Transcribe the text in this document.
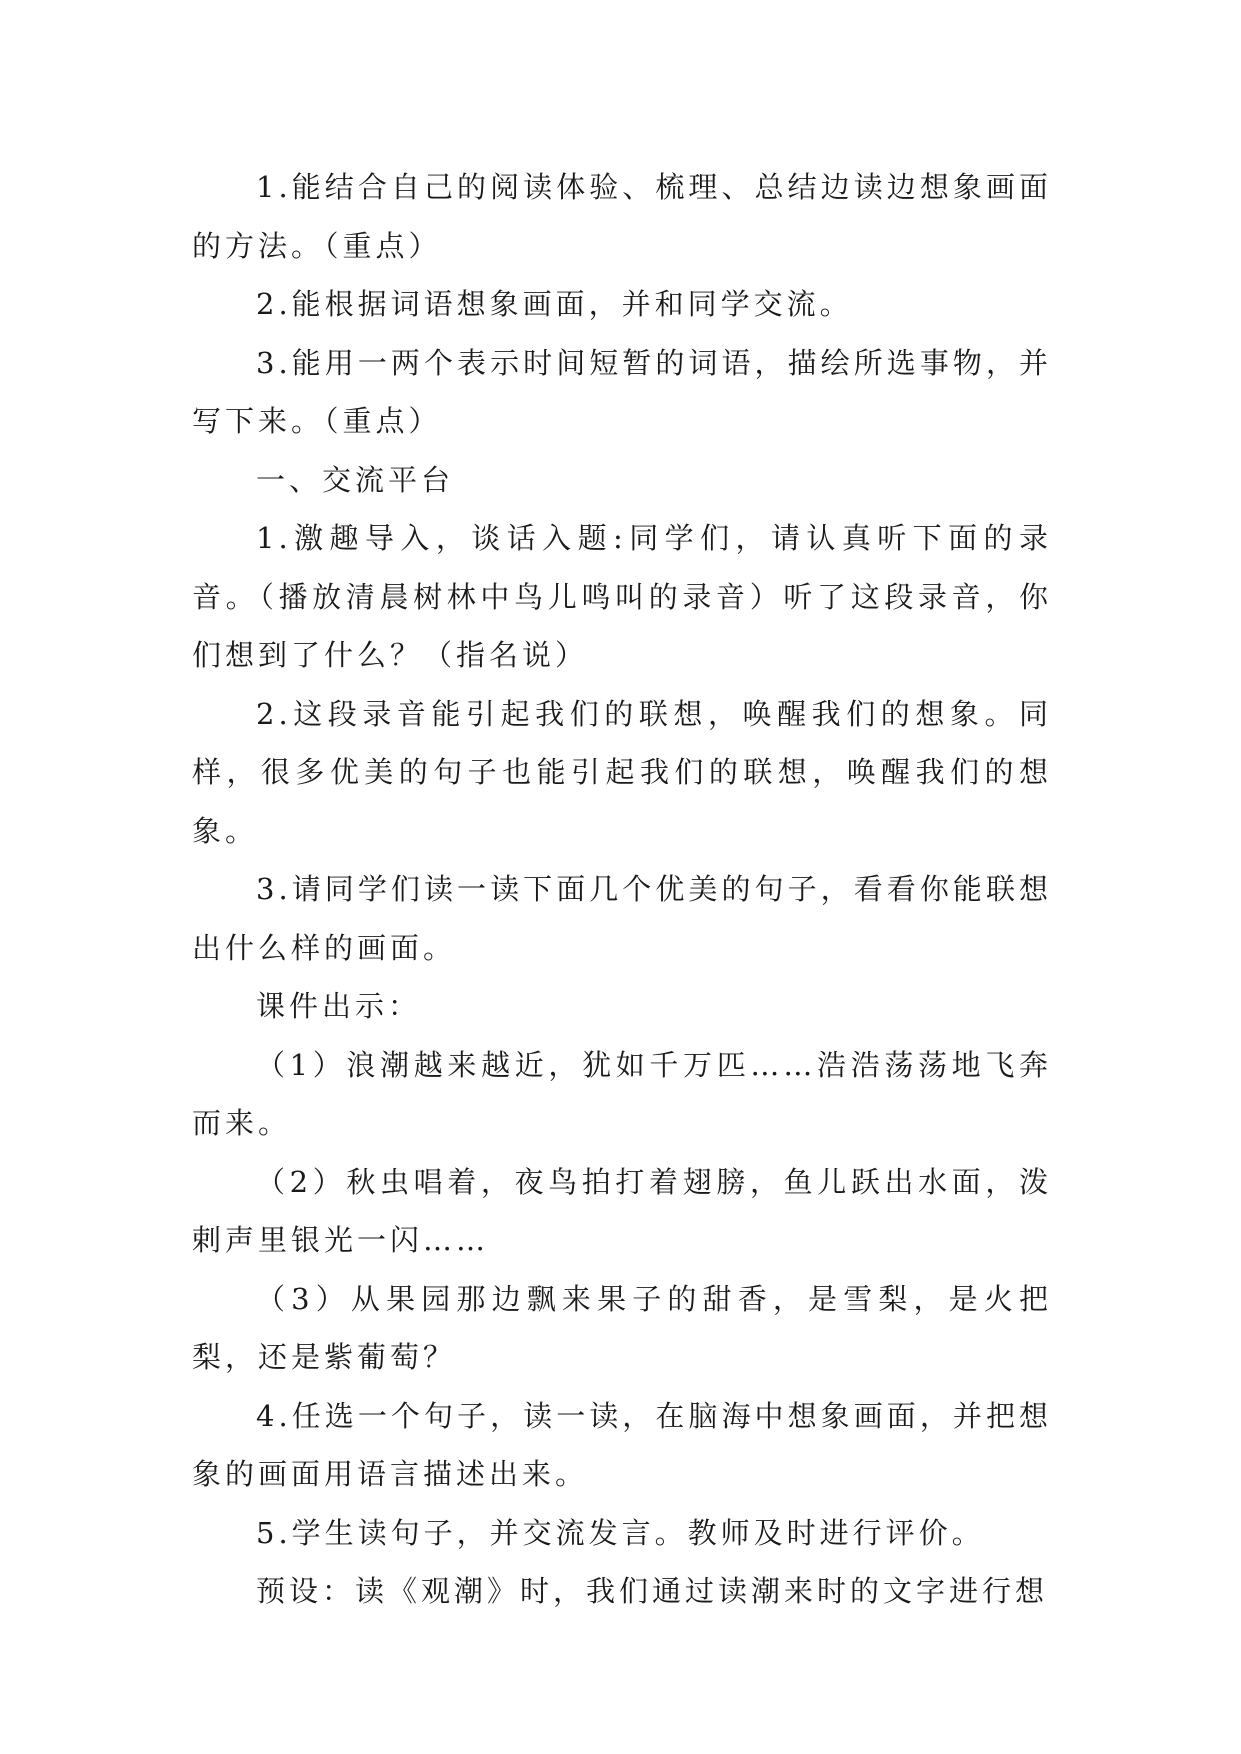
1.能结合自己的阅读体验、梳理、总结边读边想象画面的方法。（重点）

2.能根据词语想象画面，并和同学交流。

3.能用一两个表示时间短暂的词语，描绘所选事物，并写下来。（重点）

一、交流平台

1.激趣导入，谈话入题:同学们，请认真听下面的录音。（播放清晨树林中鸟儿鸣叫的录音）听了这段录音，你们想到了什么？（指名说）

2.这段录音能引起我们的联想，唤醒我们的想象。同样，很多优美的句子也能引起我们的联想，唤醒我们的想象。

3.请同学们读一读下面几个优美的句子，看看你能联想出什么样的画面。

课件出示：

（1）浪潮越来越近，犹如千万匹……浩浩荡荡地飞奔而来。

（2）秋虫唱着，夜鸟拍打着翅膀，鱼儿跃出水面，泼剌声里银光一闪……

（3）从果园那边飘来果子的甜香，是雪梨，是火把梨，还是紫葡萄？

4.任选一个句子，读一读，在脑海中想象画面，并把想象的画面用语言描述出来。

5.学生读句子，并交流发言。教师及时进行评价。

预设：读《观潮》时，我们通过读潮来时的文字进行想
